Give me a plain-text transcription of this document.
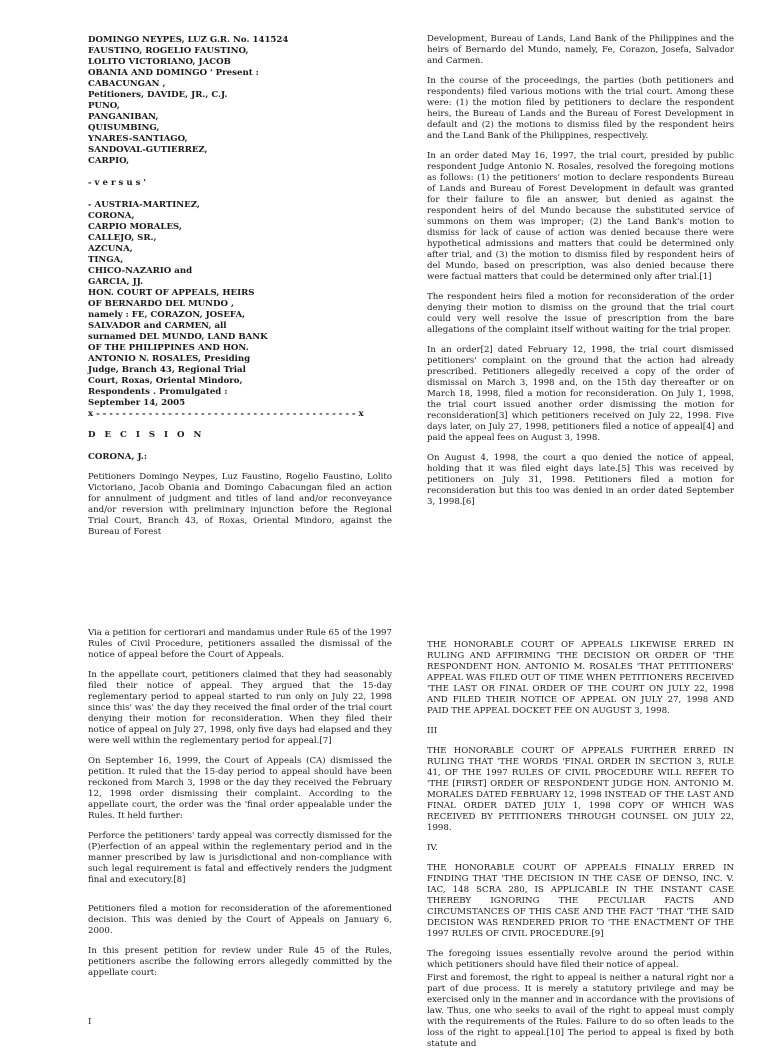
DOMINGO NEYPES, LUZ G.R. No. 141524
FAUSTINO, ROGELIO FAUSTINO,
LOLITO VICTORIANO, JACOB
OBANIA AND DOMINGO ' Present :
CABACUNGAN ,
Petitioners, DAVIDE, JR., C.J.
PUNO,
PANGANIBAN,
QUISUMBING,
YNARES-SANTIAGO,
SANDOVAL-GUTIERREZ,
CARPIO,
- v e r s u s '
- AUSTRIA-MARTINEZ,
CORONA,
CARPIO MORALES,
CALLEJO, SR.,
AZCUNA,
TINGA,
CHICO-NAZARIO and
GARCIA, JJ.
HON. COURT OF APPEALS, HEIRS
OF BERNARDO DEL MUNDO ,
namely : FE, CORAZON, JOSEFA,
SALVADOR and CARMEN, all
surnamed DEL MUNDO, LAND BANK
OF THE PHILIPPINES AND HON.
ANTONIO N. ROSALES, Presiding
Judge, Branch 43, Regional Trial
Court, Roxas, Oriental Mindoro,
Respondents . Promulgated :
September 14, 2005
x - - - - - - - - - - - - - - - - - - - - - - - - - - - - - - - - - - - - - - - - x
D E C I S I O N

CORONA, J.:

Petitioners Domingo Neypes, Luz Faustino, Rogelio Faustino, Lolito Victoriano, Jacob Obania and Domingo Cabacungan filed an action for annulment of judgment and titles of land and/or reconveyance and/or reversion with preliminary injunction before the Regional Trial Court, Branch 43, of Roxas, Oriental Mindoro, against the Bureau of Forest

Development, Bureau of Lands, Land Bank of the Philippines and the heirs of Bernardo del Mundo, namely, Fe, Corazon, Josefa, Salvador and Carmen.

In the course of the proceedings, the parties (both petitioners and respondents) filed various motions with the trial court. Among these were: (1) the motion filed by petitioners to declare the respondent heirs, the Bureau of Lands and the Bureau of Forest Development in default and (2) the motions to dismiss filed by the respondent heirs and the Land Bank of the Philippines, respectively.

In an order dated May 16, 1997, the trial court, presided by public respondent Judge Antonio N. Rosales, resolved the foregoing motions as follows: (1) the petitioners' motion to declare respondents Bureau of Lands and Bureau of Forest Development in default was granted for their failure to file an answer, but denied as against the respondent heirs of del Mundo because the substituted service of summons on them was improper; (2) the Land Bank's motion to dismiss for lack of cause of action was denied because there were hypothetical admissions and matters that could be determined only after trial, and (3) the motion to dismiss filed by respondent heirs of del Mundo, based on prescription, was also denied because there were factual matters that could be determined only after trial.[1]

The respondent heirs filed a motion for reconsideration of the order denying their motion to dismiss on the ground that the trial court could very well resolve the issue of prescription from the bare allegations of the complaint itself without waiting for the trial proper.

In an order[2] dated February 12, 1998, the trial court dismissed petitioners' complaint on the ground that the action had already prescribed. Petitioners allegedly received a copy of the order of dismissal on March 3, 1998 and, on the 15th day thereafter or on March 18, 1998, filed a motion for reconsideration. On July 1, 1998, the trial court issued another order dismissing the motion for reconsideration[3] which petitioners received on July 22, 1998. Five days later, on July 27, 1998, petitioners filed a notice of appeal[4] and paid the appeal fees on August 3, 1998.

On August 4, 1998, the court a quo denied the notice of appeal, holding that it was filed eight days late.[5] This was received by petitioners on July 31, 1998. Petitioners filed a motion for reconsideration but this too was denied in an order dated September 3, 1998.[6]

Via a petition for certiorari and mandamus under Rule 65 of the 1997 Rules of Civil Procedure, petitioners assailed the dismissal of the notice of appeal before the Court of Appeals.

In the appellate court, petitioners claimed that they had seasonably filed their notice of appeal. They argued that the 15-day reglementary period to appeal started to run only on July 22, 1998 since this' was' the day they received the final order of the trial court denying their motion for reconsideration. When they filed their notice of appeal on July 27, 1998, only five days had elapsed and they were well within the reglementary period for appeal.[7]

On September 16, 1999, the Court of Appeals (CA) dismissed the petition. It ruled that the 15-day period to appeal should have been reckoned from March 3, 1998 or the day they received the February 12, 1998 order dismissing their complaint. According to the appellate court, the order was the 'final order appealable under the Rules. It held further:

Perforce the petitioners' tardy appeal was correctly dismissed for the (P)erfection of an appeal within the reglementary period and in the manner prescribed by law is jurisdictional and non-compliance with such legal requirement is fatal and effectively renders the judgment final and executory.[8]

Petitioners filed a motion for reconsideration of the aforementioned decision. This was denied by the Court of Appeals on January 6, 2000.

In this present petition for review under Rule 45 of the Rules, petitioners ascribe the following errors allegedly committed by the appellate court:

I

THE HONORABLE COURT OF APPEALS LIKEWISE ERRED IN RULING AND AFFIRMING 'THE DECISION OR ORDER OF 'THE RESPONDENT HON. ANTONIO M. ROSALES 'THAT PETITIONERS' APPEAL WAS FILED OUT OF TIME WHEN PETITIONERS RECEIVED 'THE LAST OR FINAL ORDER OF THE COURT ON JULY 22, 1998 AND FILED THEIR NOTICE OF APPEAL ON JULY 27, 1998 AND PAID THE APPEAL DOCKET FEE ON AUGUST 3, 1998.

III

THE HONORABLE COURT OF APPEALS FURTHER ERRED IN RULING THAT 'THE WORDS 'FINAL ORDER IN SECTION 3, RULE 41, OF THE 1997 RULES OF CIVIL PROCEDURE WILL REFER TO 'THE [FIRST] ORDER OF RESPONDENT JUDGE HON. ANTONIO M. MORALES DATED FEBRUARY 12, 1998 INSTEAD OF THE LAST AND FINAL ORDER DATED JULY 1, 1998 COPY OF WHICH WAS RECEIVED BY PETITIONERS THROUGH COUNSEL ON JULY 22, 1998.

IV.

THE HONORABLE COURT OF APPEALS FINALLY ERRED IN FINDING THAT 'THE DECISION IN THE CASE OF DENSO, INC. V. IAC, 148 SCRA 280, IS APPLICABLE IN THE INSTANT CASE THEREBY IGNORING THE PECULIAR FACTS AND CIRCUMSTANCES OF THIS CASE AND THE FACT 'THAT 'THE SAID DECISION WAS RENDERED PRIOR TO 'THE ENACTMENT OF THE 1997 RULES OF CIVIL PROCEDURE.[9]

The foregoing issues essentially revolve around the period within which petitioners should have filed their notice of appeal.

First and foremost, the right to appeal is neither a natural right nor a part of due process. It is merely a statutory privilege and may be exercised only in the manner and in accordance with the provisions of law. Thus, one who seeks to avail of the right to appeal must comply with the requirements of the Rules. Failure to do so often leads to the loss of the right to appeal.[10] The period to appeal is fixed by both statute and
